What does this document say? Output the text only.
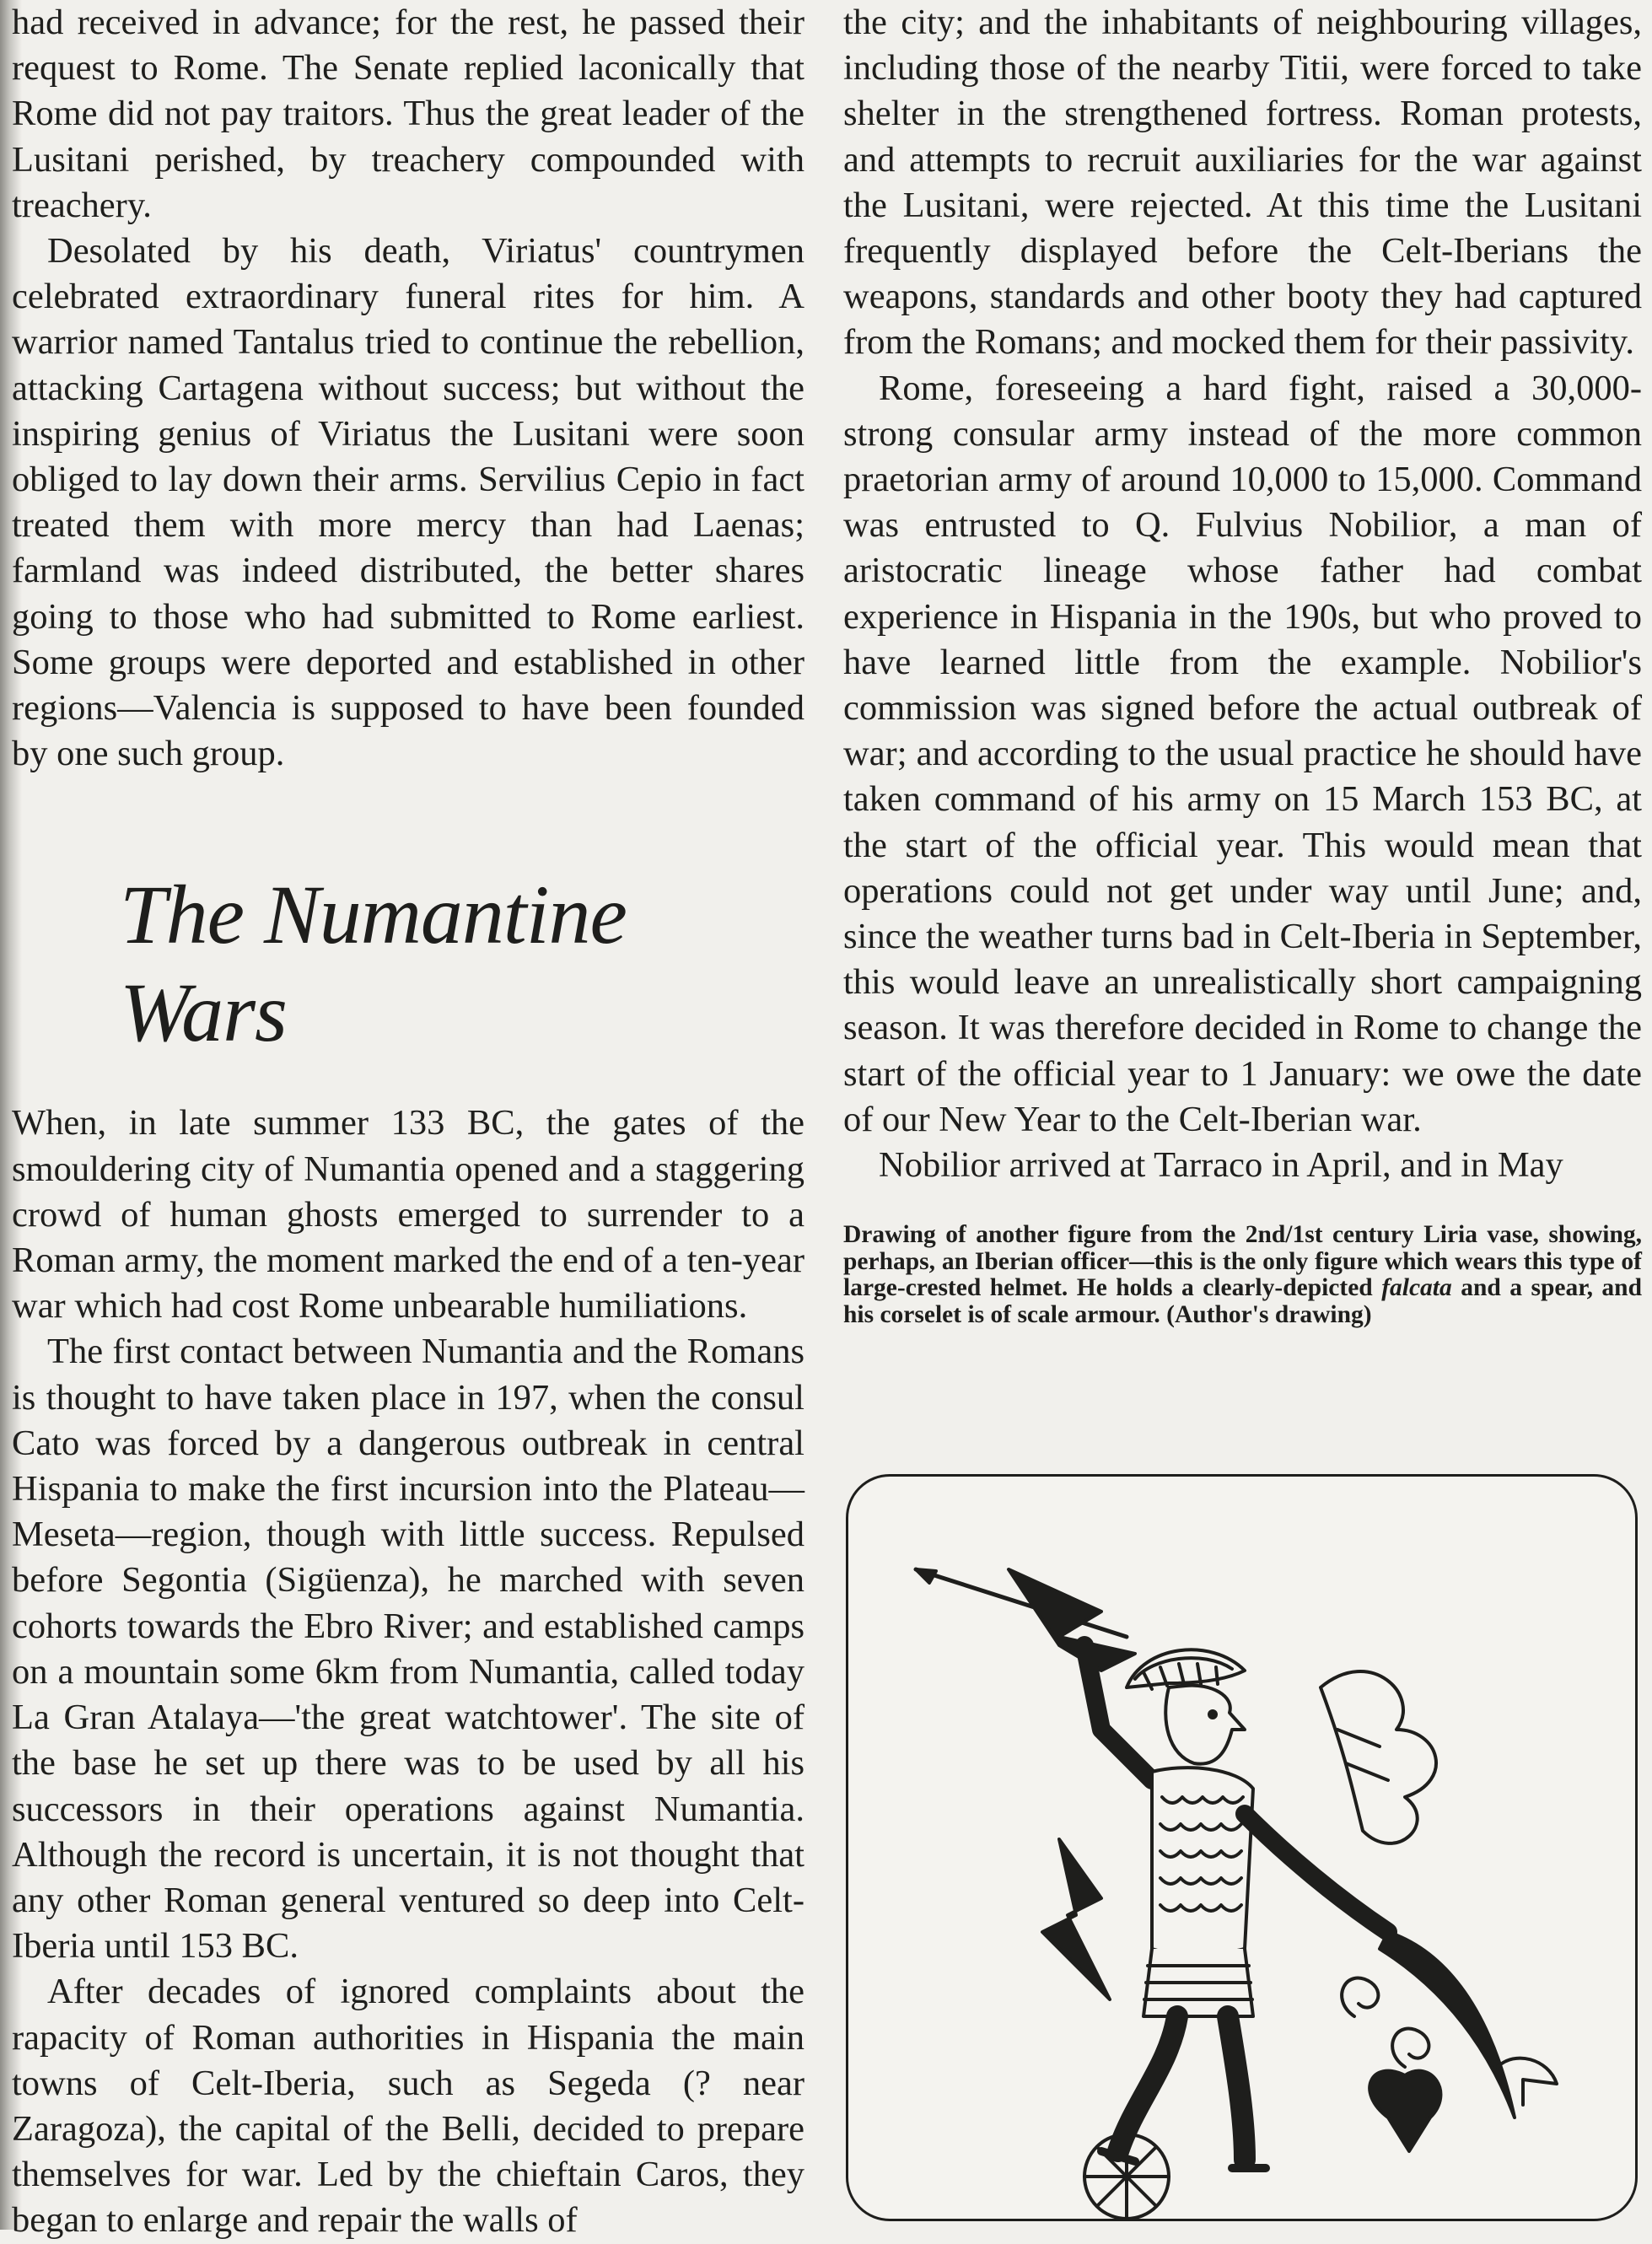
had received in advance; for the rest, he passed their request to Rome. The Senate replied laconically that Rome did not pay traitors. Thus the great leader of the Lusitani perished, by treachery compounded with treachery.

Desolated by his death, Viriatus' countrymen celebrated extraordinary funeral rites for him. A warrior named Tantalus tried to continue the rebellion, attacking Cartagena without success; but without the inspiring genius of Viriatus the Lusitani were soon obliged to lay down their arms. Servilius Cepio in fact treated them with more mercy than had Laenas; farmland was indeed distributed, the better shares going to those who had submitted to Rome earliest. Some groups were deported and established in other regions—Valencia is supposed to have been founded by one such group.

The Numantine Wars

When, in late summer 133 BC, the gates of the smouldering city of Numantia opened and a staggering crowd of human ghosts emerged to surrender to a Roman army, the moment marked the end of a ten-year war which had cost Rome unbearable humiliations.

The first contact between Numantia and the Romans is thought to have taken place in 197, when the consul Cato was forced by a dangerous outbreak in central Hispania to make the first incursion into the Plateau—Meseta—region, though with little success. Repulsed before Segontia (Sigüenza), he marched with seven cohorts towards the Ebro River; and established camps on a mountain some 6km from Numantia, called today La Gran Atalaya—'the great watchtower'. The site of the base he set up there was to be used by all his successors in their operations against Numantia. Although the record is uncertain, it is not thought that any other Roman general ventured so deep into Celt-Iberia until 153 BC.

After decades of ignored complaints about the rapacity of Roman authorities in Hispania the main towns of Celt-Iberia, such as Segeda (? near Zaragoza), the capital of the Belli, decided to prepare themselves for war. Led by the chieftain Caros, they began to enlarge and repair the walls of

the city; and the inhabitants of neighbouring villages, including those of the nearby Titii, were forced to take shelter in the strengthened fortress. Roman protests, and attempts to recruit auxiliaries for the war against the Lusitani, were rejected. At this time the Lusitani frequently displayed before the Celt-Iberians the weapons, standards and other booty they had captured from the Romans; and mocked them for their passivity.

Rome, foreseeing a hard fight, raised a 30,000-strong consular army instead of the more common praetorian army of around 10,000 to 15,000. Command was entrusted to Q. Fulvius Nobilior, a man of aristocratic lineage whose father had combat experience in Hispania in the 190s, but who proved to have learned little from the example. Nobilior's commission was signed before the actual outbreak of war; and according to the usual practice he should have taken command of his army on 15 March 153 BC, at the start of the official year. This would mean that operations could not get under way until June; and, since the weather turns bad in Celt-Iberia in September, this would leave an unrealistically short campaigning season. It was therefore decided in Rome to change the start of the official year to 1 January: we owe the date of our New Year to the Celt-Iberian war.

Nobilior arrived at Tarraco in April, and in May

Drawing of another figure from the 2nd/1st century Liria vase, showing, perhaps, an Iberian officer—this is the only figure which wears this type of large-crested helmet. He holds a clearly-depicted falcata and a spear, and his corselet is of scale armour. (Author's drawing)
